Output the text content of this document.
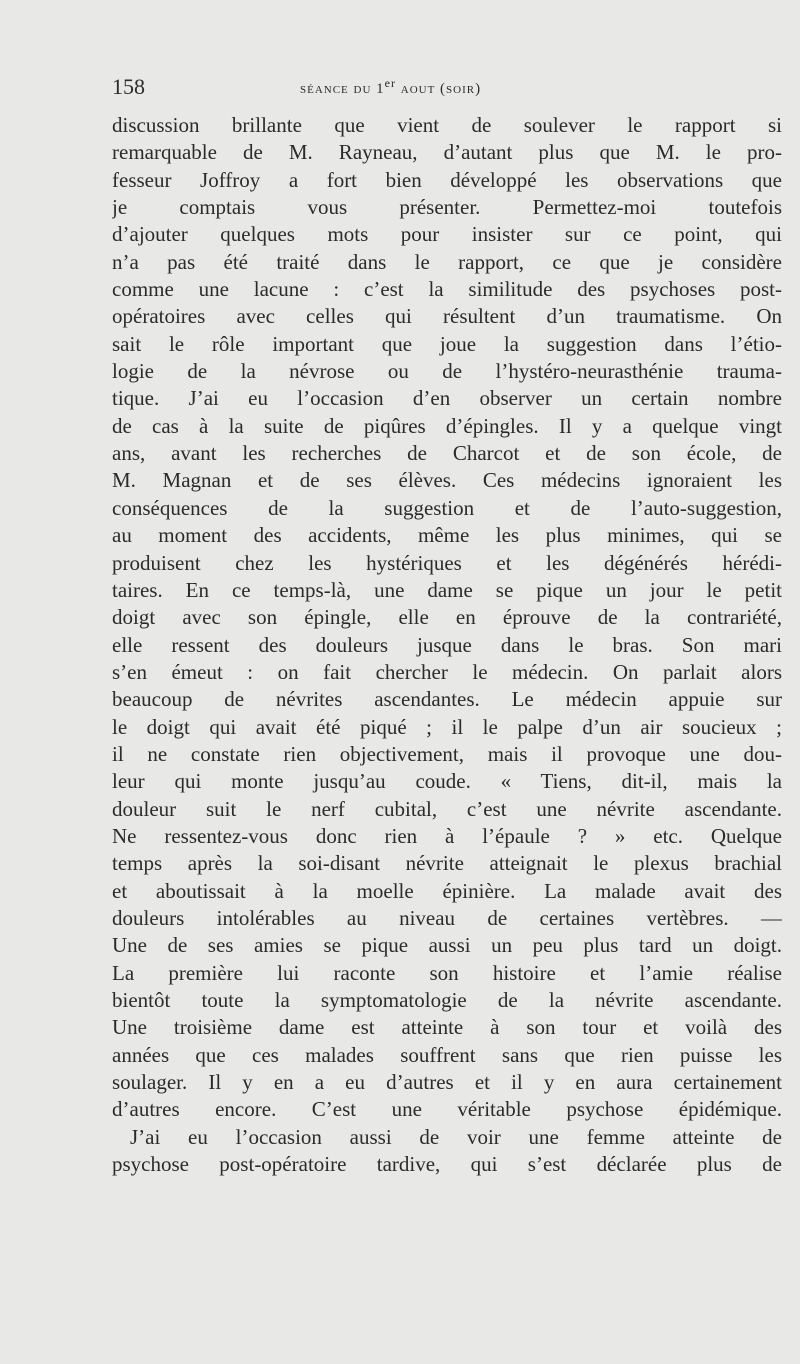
158	séance du 1er aout (soir)
discussion brillante que vient de soulever le rapport si
remarquable de M. Rayneau, d’autant plus que M. le pro-
fesseur Joffroy a fort bien développé les observations que
je comptais vous présenter. Permettez-moi toutefois
d’ajouter quelques mots pour insister sur ce point, qui
n’a pas été traité dans le rapport, ce que je considère
comme une lacune : c’est la similitude des psychoses post-
opératoires avec celles qui résultent d’un traumatisme. On
sait le rôle important que joue la suggestion dans l’étio-
logie de la névrose ou de l’hystéro-neurasthénie trauma-
tique. J’ai eu l’occasion d’en observer un certain nombre
de cas à la suite de piqûres d’épingles. Il y a quelque vingt
ans, avant les recherches de Charcot et de son école, de
M. Magnan et de ses élèves. Ces médecins ignoraient les
conséquences de la suggestion et de l’auto-suggestion,
au moment des accidents, même les plus minimes, qui se
produisent chez les hystériques et les dégénérés hérédi-
taires. En ce temps-là, une dame se pique un jour le petit
doigt avec son épingle, elle en éprouve de la contrariété,
elle ressent des douleurs jusque dans le bras. Son mari
s’en émeut : on fait chercher le médecin. On parlait alors
beaucoup de névrites ascendantes. Le médecin appuie sur
le doigt qui avait été piqué ; il le palpe d’un air soucieux ;
il ne constate rien objectivement, mais il provoque une dou-
leur qui monte jusqu’au coude. « Tiens, dit-il, mais la
douleur suit le nerf cubital, c’est une névrite ascendante.
Ne ressentez-vous donc rien à l’épaule ? » etc. Quelque
temps après la soi-disant névrite atteignait le plexus brachial
et aboutissait à la moelle épinière. La malade avait des
douleurs intolérables au niveau de certaines vertèbres. —
Une de ses amies se pique aussi un peu plus tard un doigt.
La première lui raconte son histoire et l’amie réalise
bientôt toute la symptomatologie de la névrite ascendante.
Une troisième dame est atteinte à son tour et voilà des
années que ces malades souffrent sans que rien puisse les
soulager. Il y en a eu d’autres et il y en aura certainement
d’autres encore. C’est une véritable psychose épidémique.
J’ai eu l’occasion aussi de voir une femme atteinte de
psychose post-opératoire tardive, qui s’est déclarée plus de
